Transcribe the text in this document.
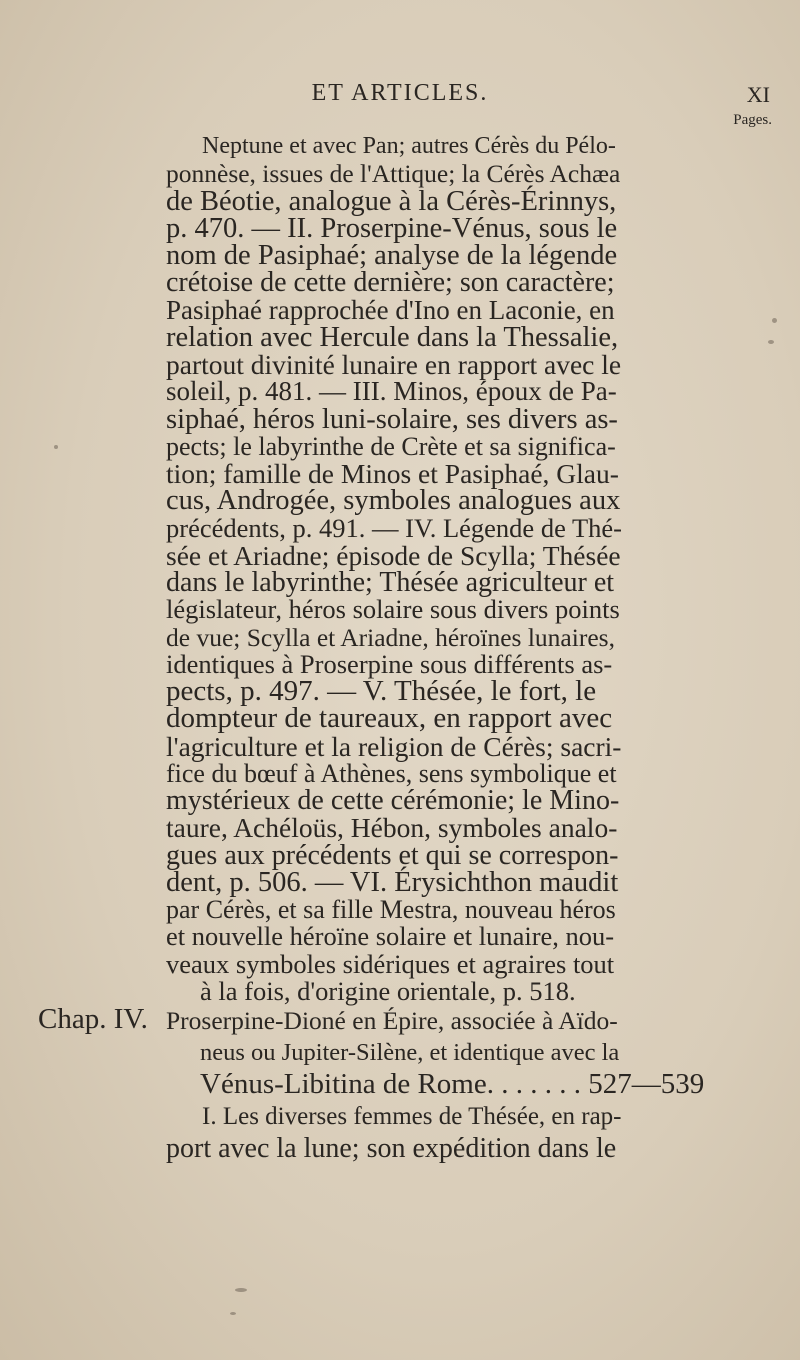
ET ARTICLES.	XI
Pages.
Chap. IV.
Neptune et avec Pan; autres Cérès du Pélo-
ponnèse, issues de l'Attique; la Cérès Achæa
de Béotie, analogue à la Cérès-Érinnys,
p. 470. — II. Proserpine-Vénus, sous le
nom de Pasiphaé; analyse de la légende
crétoise de cette dernière; son caractère;
Pasiphaé rapprochée d'Ino en Laconie, en
relation avec Hercule dans la Thessalie,
partout divinité lunaire en rapport avec le
soleil, p. 481. — III. Minos, époux de Pa-
siphaé, héros luni-solaire, ses divers as-
pects; le labyrinthe de Crète et sa significa-
tion; famille de Minos et Pasiphaé, Glau-
cus, Androgée, symboles analogues aux
précédents, p. 491. — IV. Légende de Thé-
sée et Ariadne; épisode de Scylla; Thésée
dans le labyrinthe; Thésée agriculteur et
législateur, héros solaire sous divers points
de vue; Scylla et Ariadne, héroïnes lunaires,
identiques à Proserpine sous différents as-
pects, p. 497. — V. Thésée, le fort, le
dompteur de taureaux, en rapport avec
l'agriculture et la religion de Cérès; sacri-
fice du bœuf à Athènes, sens symbolique et
mystérieux de cette cérémonie; le Mino-
taure, Achéloüs, Hébon, symboles analo-
gues aux précédents et qui se correspon-
dent, p. 506. — VI. Érysichthon maudit
par Cérès, et sa fille Mestra, nouveau héros
et nouvelle héroïne solaire et lunaire, nou-
veaux symboles sidériques et agraires tout
à la fois, d'origine orientale, p. 518.
Proserpine-Dioné en Épire, associée à Aïdo-
neus ou Jupiter-Silène, et identique avec la
Vénus-Libitina de Rome. . . . . . . 527—539
I. Les diverses femmes de Thésée, en rap-
port avec la lune; son expédition dans le
